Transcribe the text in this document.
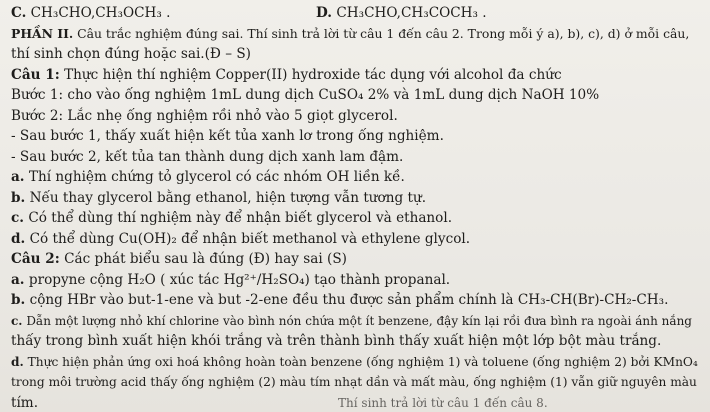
C. CH₃CHO,CH₃OCH₃ .	D. CH₃CHO,CH₃COCH₃ .
PHẦN II. Câu trắc nghiệm đúng sai. Thí sinh trả lời từ câu 1 đến câu 2. Trong mỗi ý a), b), c), d) ở mỗi câu,
thí sinh chọn đúng hoặc sai.(Đ – S)
Câu 1: Thực hiện thí nghiệm Copper(II) hydroxide tác dụng với alcohol đa chức
Bước 1: cho vào ống nghiệm 1mL dung dịch CuSO₄ 2% và 1mL dung dịch NaOH 10%
Bước 2: Lắc nhẹ ống nghiệm rồi nhỏ vào 5 giọt glycerol.
- Sau bước 1, thấy xuất hiện kết tủa xanh lơ trong ống nghiệm.
- Sau bước 2, kết tủa tan thành dung dịch xanh lam đậm.
a. Thí nghiệm chứng tỏ glycerol có các nhóm OH liền kề.
b. Nếu thay glycerol bằng ethanol, hiện tượng vẫn tương tự.
c. Có thể dùng thí nghiệm này để nhận biết glycerol và ethanol.
d. Có thể dùng Cu(OH)₂ để nhận biết methanol và ethylene glycol.
Câu 2: Các phát biểu sau là đúng (Đ) hay sai (S)
a. propyne cộng H₂O ( xúc tác Hg²⁺/H₂SO₄) tạo thành propanal.
b. cộng HBr vào but-1-ene và but -2-ene đều thu được sản phẩm chính là CH₃-CH(Br)-CH₂-CH₃.
c. Dẫn một lượng nhỏ khí chlorine vào bình nón chứa một ít benzene, đậy kín lại rồi đưa bình ra ngoài ánh nắng
thấy trong bình xuất hiện khói trắng và trên thành bình thấy xuất hiện một lớp bột màu trắng.
d. Thực hiện phản ứng oxi hoá không hoàn toàn benzene (ống nghiệm 1) và toluene (ống nghiệm 2) bởi KMnO₄
trong môi trường acid thấy ống nghiệm (2) màu tím nhạt dần và mất màu, ống nghiệm (1) vẫn giữ nguyên màu
tím.	Thí sinh trả lời từ câu 1 đến câu 8.
